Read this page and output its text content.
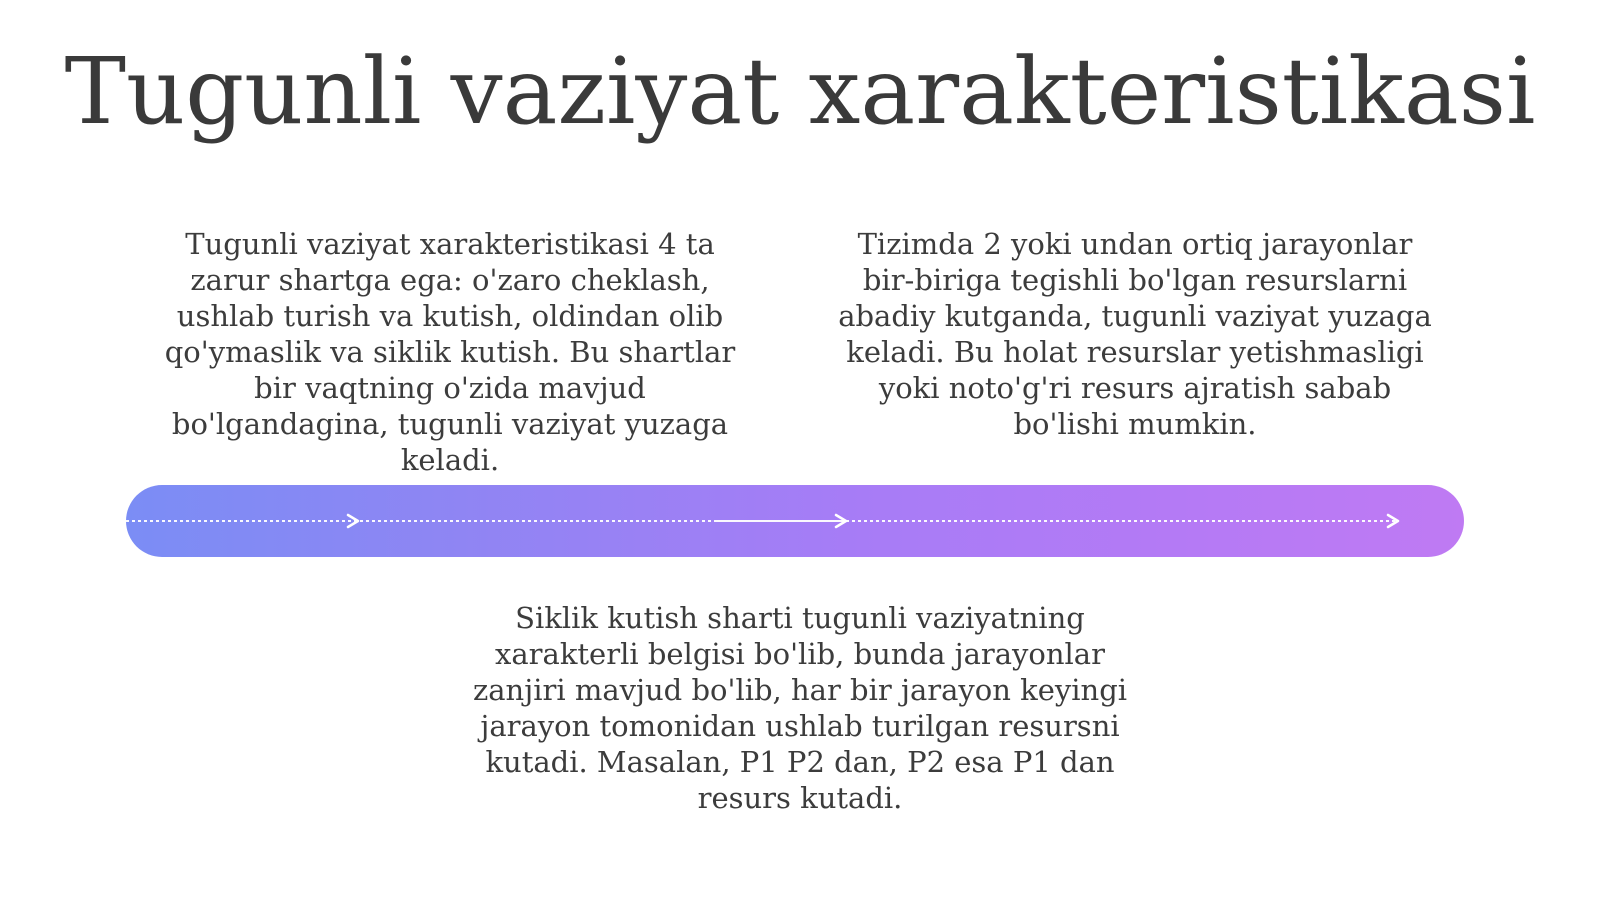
Tugunli vaziyat xarakteristikasi

Tugunli vaziyat xarakteristikasi 4 ta zarur shartga ega: o'zaro cheklash, ushlab turish va kutish, oldindan olib qo'ymaslik va siklik kutish. Bu shartlar bir vaqtning o'zida mavjud bo'lgandagina, tugunli vaziyat yuzaga keladi.

Tizimda 2 yoki undan ortiq jarayonlar bir-biriga tegishli bo'lgan resurslarni abadiy kutganda, tugunli vaziyat yuzaga keladi. Bu holat resurslar yetishmasligi yoki noto'g'ri resurs ajratish sabab bo'lishi mumkin.

Siklik kutish sharti tugunli vaziyatning xarakterli belgisi bo'lib, bunda jarayonlar zanjiri mavjud bo'lib, har bir jarayon keyingi jarayon tomonidan ushlab turilgan resursni kutadi. Masalan, P1 P2 dan, P2 esa P1 dan resurs kutadi.
